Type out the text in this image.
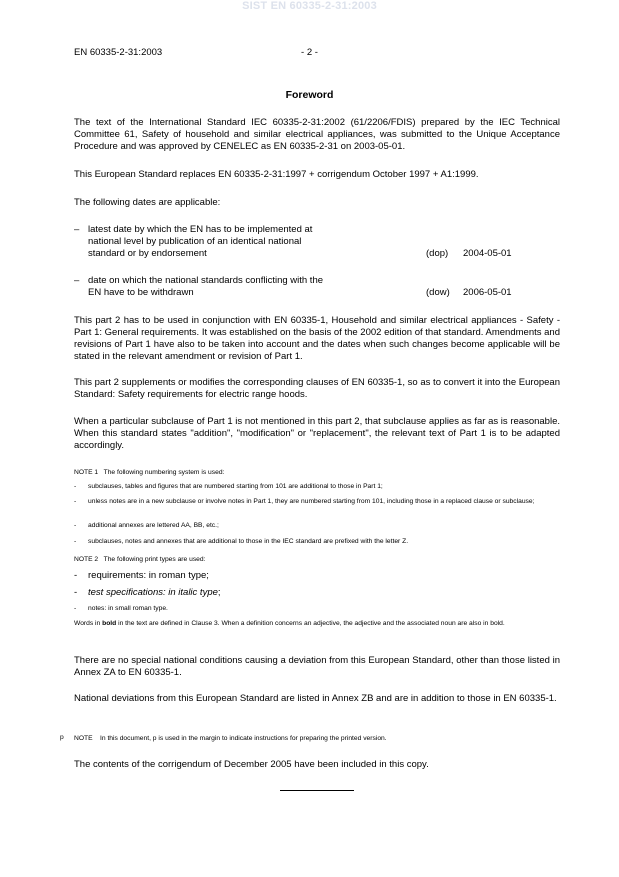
SIST EN 60335-2-31:2003
EN 60335-2-31:2003	- 2 -
Foreword
The text of the International Standard IEC 60335-2-31:2002 (61/2206/FDIS) prepared by the IEC Technical Committee 61, Safety of household and similar electrical appliances, was submitted to the Unique Acceptance Procedure and was approved by CENELEC as EN 60335-2-31 on 2003-05-01.
This European Standard replaces EN 60335-2-31:1997 + corrigendum October 1997 + A1:1999.
The following dates are applicable:
– latest date by which the EN has to be implemented at national level by publication of an identical national standard or by endorsement	(dop) 2004-05-01
– date on which the national standards conflicting with the EN have to be withdrawn	(dow) 2006-05-01
This part 2 has to be used in conjunction with EN 60335-1, Household and similar electrical appliances - Safety - Part 1: General requirements. It was established on the basis of the 2002 edition of that standard. Amendments and revisions of Part 1 have also to be taken into account and the dates when such changes become applicable will be stated in the relevant amendment or revision of Part 1.
This part 2 supplements or modifies the corresponding clauses of EN 60335-1, so as to convert it into the European Standard: Safety requirements for electric range hoods.
When a particular subclause of Part 1 is not mentioned in this part 2, that subclause applies as far as is reasonable. When this standard states "addition", "modification" or "replacement", the relevant text of Part 1 is to be adapted accordingly.
NOTE 1 The following numbering system is used:
- subclauses, tables and figures that are numbered starting from 101 are additional to those in Part 1;
- unless notes are in a new subclause or involve notes in Part 1, they are numbered starting from 101, including those in a replaced clause or subclause;
- additional annexes are lettered AA, BB, etc.;
- subclauses, notes and annexes that are additional to those in the IEC standard are prefixed with the letter Z.
NOTE 2 The following print types are used:
- requirements: in roman type;
- test specifications: in italic type;
- notes: in small roman type.
Words in bold in the text are defined in Clause 3. When a definition concerns an adjective, the adjective and the associated noun are also in bold.
There are no special national conditions causing a deviation from this European Standard, other than those listed in Annex ZA to EN 60335-1.
National deviations from this European Standard are listed in Annex ZB and are in addition to those in EN 60335-1.
p NOTE In this document, p is used in the margin to indicate instructions for preparing the printed version.
The contents of the corrigendum of December 2005 have been included in this copy.
